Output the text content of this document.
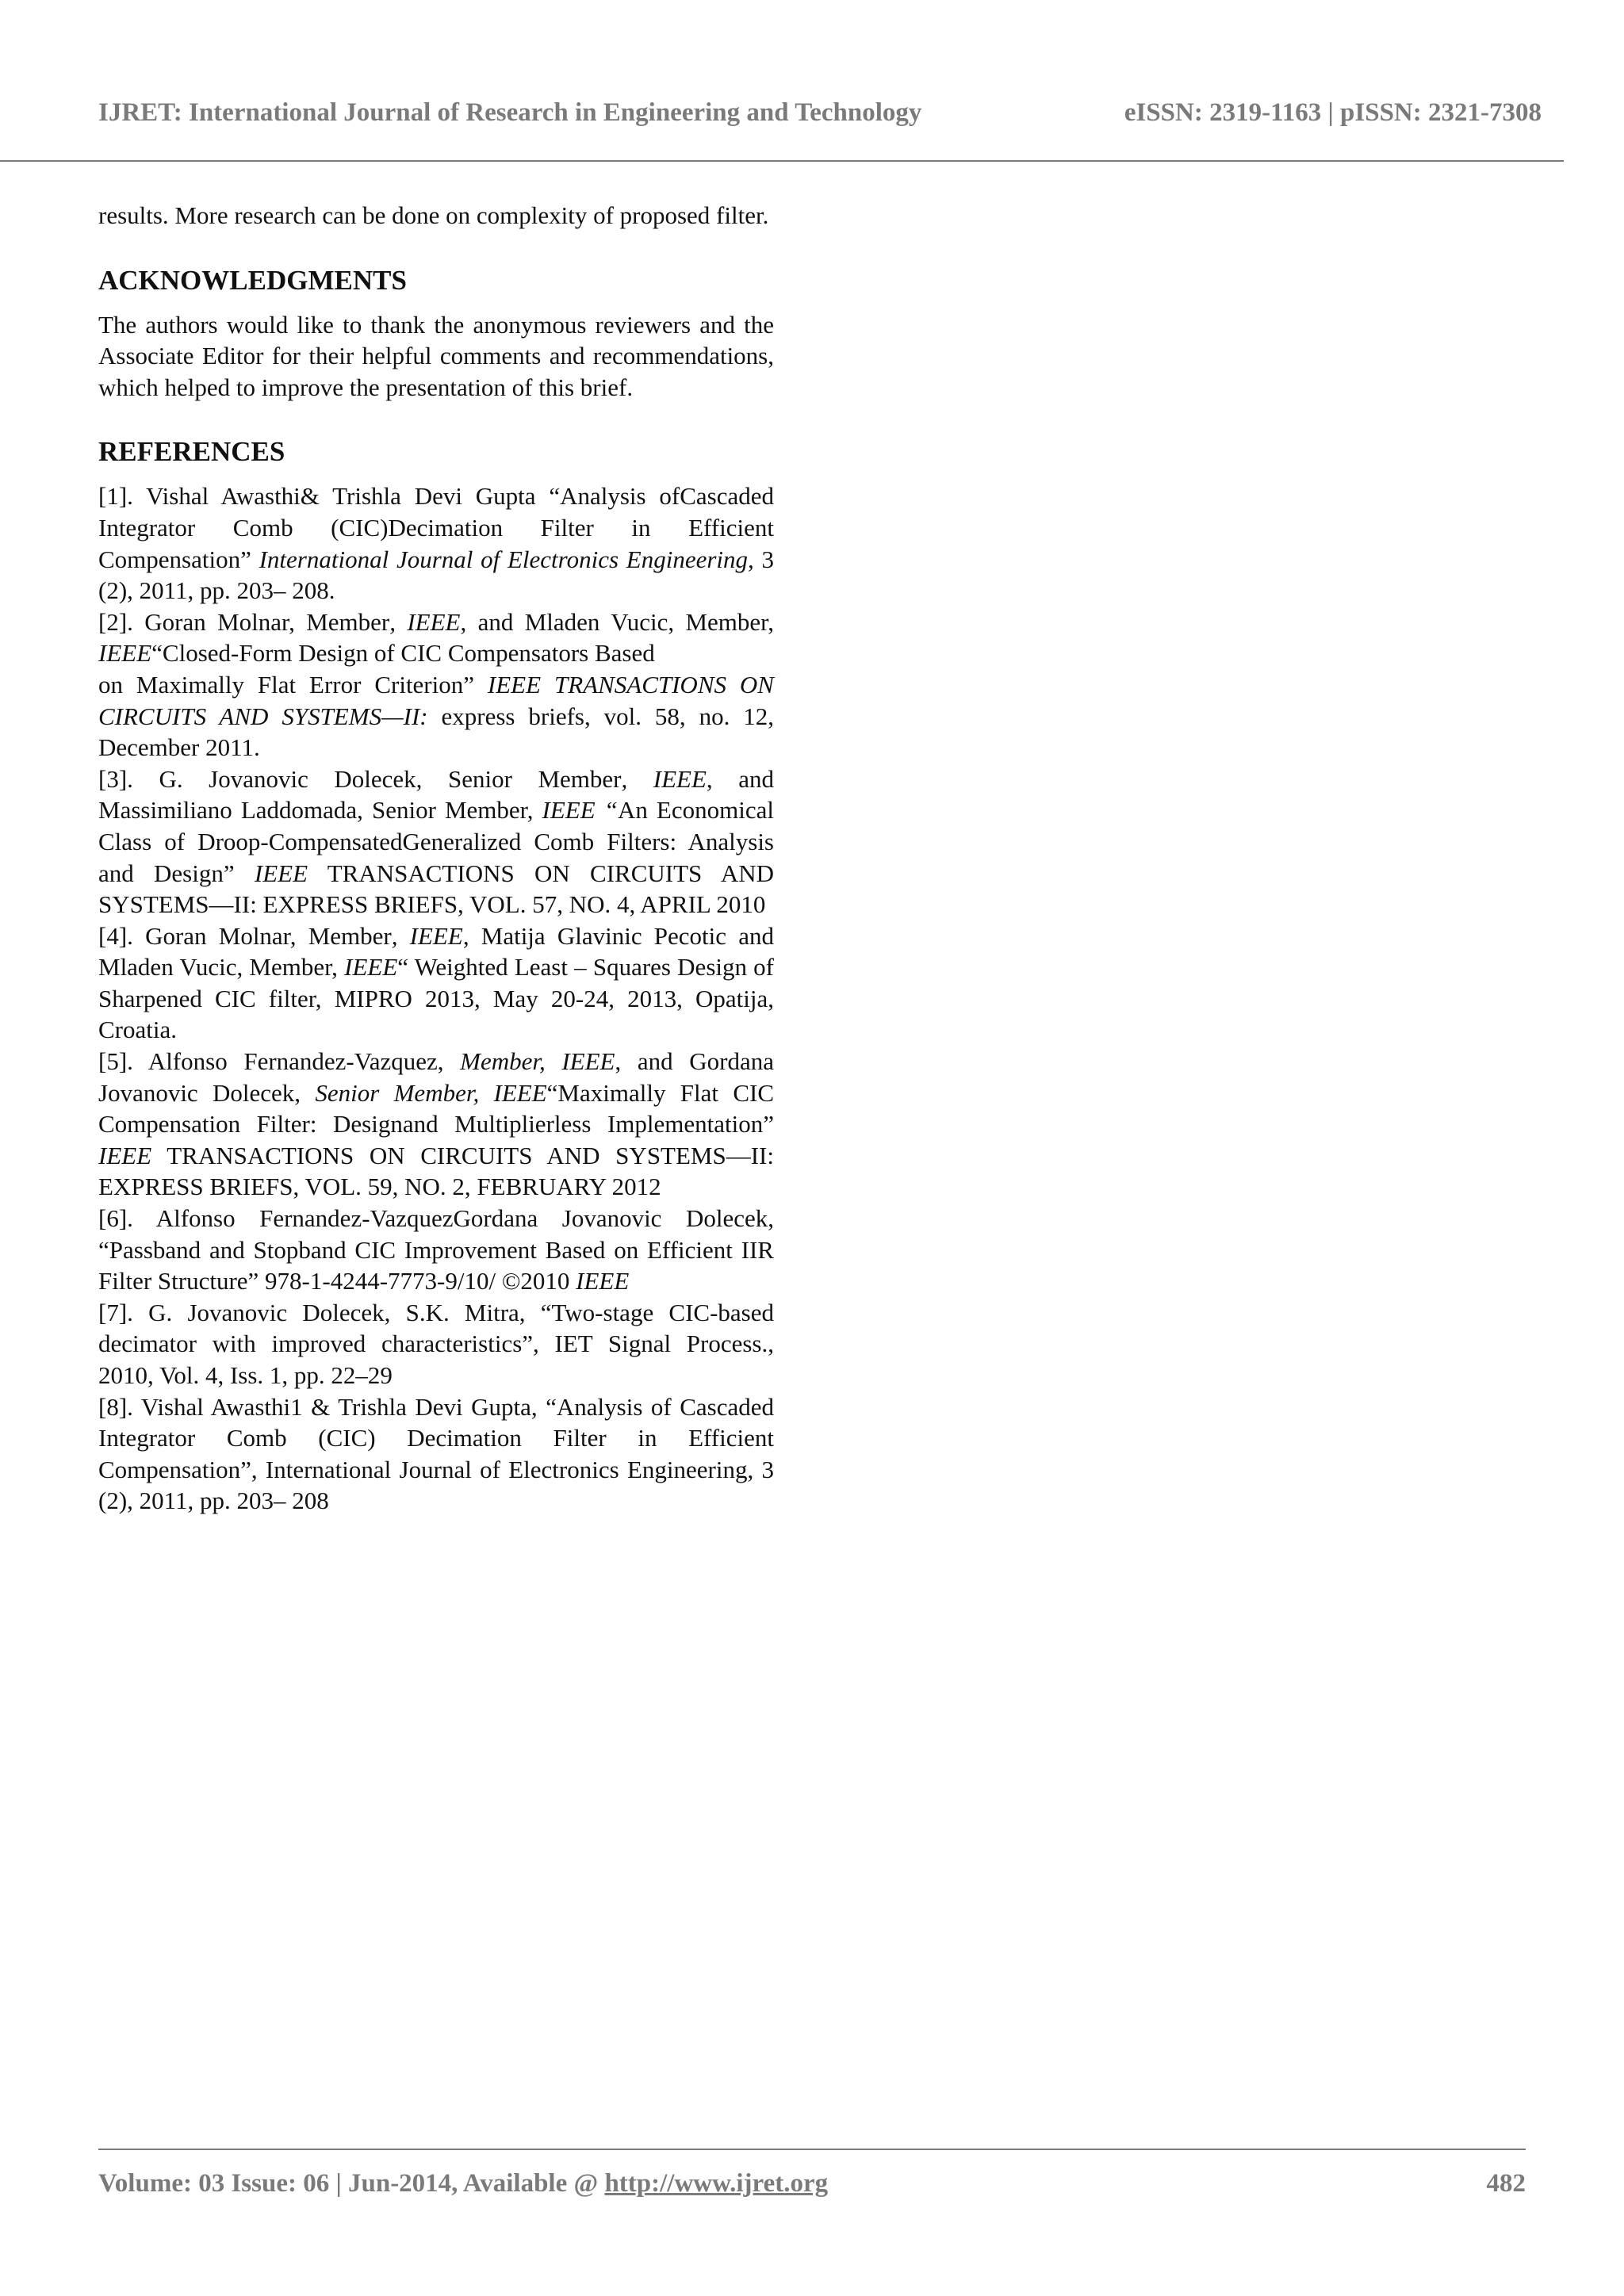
IJRET: International Journal of Research in Engineering and Technology	eISSN: 2319-1163 | pISSN: 2321-7308

results. More research can be done on complexity of proposed filter.

ACKNOWLEDGMENTS

The authors would like to thank the anonymous reviewers and the Associate Editor for their helpful comments and recommendations, which helped to improve the presentation of this brief.

REFERENCES

[1]. Vishal Awasthi& Trishla Devi Gupta “Analysis ofCascaded Integrator Comb (CIC)Decimation Filter in Efficient Compensation” International Journal of Electronics Engineering, 3 (2), 2011, pp. 203– 208.

[2]. Goran Molnar, Member, IEEE, and Mladen Vucic, Member, IEEE“Closed-Form Design of CIC Compensators Based
on Maximally Flat Error Criterion” IEEE TRANSACTIONS ON CIRCUITS AND SYSTEMS—II: express briefs, vol. 58, no. 12, December 2011.

[3]. G. Jovanovic Dolecek, Senior Member, IEEE, and Massimiliano Laddomada, Senior Member, IEEE “An Economical Class of Droop-CompensatedGeneralized Comb Filters: Analysis and Design” IEEE TRANSACTIONS ON CIRCUITS AND SYSTEMS—II: EXPRESS BRIEFS, VOL. 57, NO. 4, APRIL 2010

[4]. Goran Molnar, Member, IEEE, Matija Glavinic Pecotic and Mladen Vucic, Member, IEEE“ Weighted Least – Squares Design of Sharpened CIC filter, MIPRO 2013, May 20-24, 2013, Opatija, Croatia.

[5]. Alfonso Fernandez-Vazquez, Member, IEEE, and Gordana Jovanovic Dolecek, Senior Member, IEEE“Maximally Flat CIC Compensation Filter: Designand Multiplierless Implementation” IEEE TRANSACTIONS ON CIRCUITS AND SYSTEMS—II: EXPRESS BRIEFS, VOL. 59, NO. 2, FEBRUARY 2012

[6]. Alfonso Fernandez-VazquezGordana Jovanovic Dolecek, “Passband and Stopband CIC Improvement Based on Efficient IIR Filter Structure” 978-1-4244-7773-9/10/ ©2010 IEEE

[7]. G. Jovanovic Dolecek, S.K. Mitra, “Two-stage CIC-based decimator with improved characteristics”, IET Signal Process., 2010, Vol. 4, Iss. 1, pp. 22–29

[8]. Vishal Awasthi1 & Trishla Devi Gupta, “Analysis of Cascaded Integrator Comb (CIC) Decimation Filter in Efficient Compensation”, International Journal of Electronics Engineering, 3 (2), 2011, pp. 203– 208

Volume: 03 Issue: 06 | Jun-2014, Available @ http://www.ijret.org	482
